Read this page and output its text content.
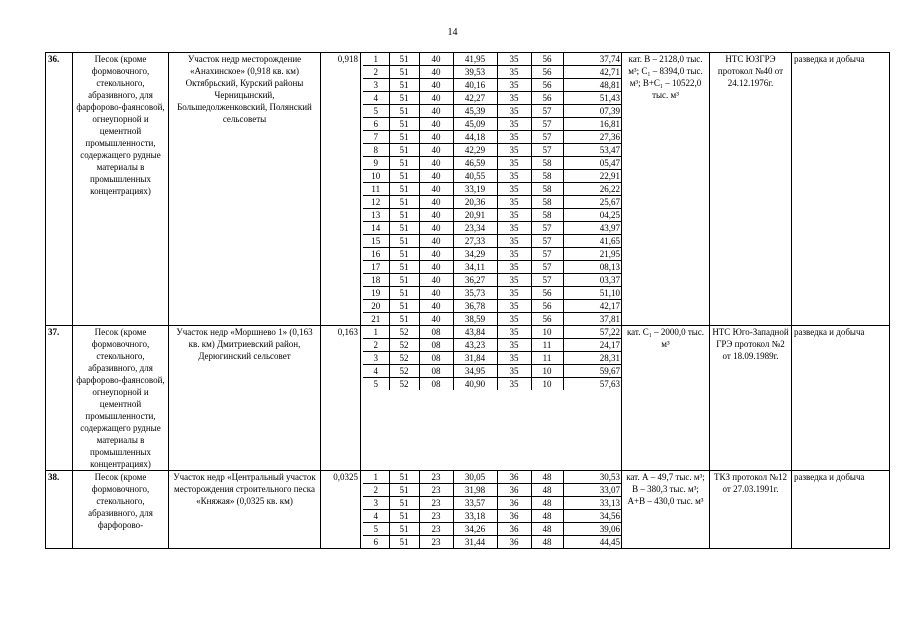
14
36.	Песок (кроме формовочного, стекольного, абразивного, для фарфорово-фаянсовой, огнеупорной и цементной промышленности, содержащего рудные материалы в промышленных концентрациях)	Участок недр месторождение «Анахинское» (0,918 кв. км) Октябрьский, Курский районы Черницынский, Большедолженковский, Полянский сельсоветы	0,918	1	51	40	41,95	35	56	37,74
2	51	40	39,53	35	56	42,71
3	51	40	40,16	35	56	48,81
4	51	40	42,27	35	56	51,43
5	51	40	45,39	35	57	07,39
6	51	40	45,09	35	57	16,81
7	51	40	44,18	35	57	27,36
8	51	40	42,29	35	57	53,47
9	51	40	46,59	35	58	05,47
10	51	40	40,55	35	58	22,91
11	51	40	33,19	35	58	26,22
12	51	40	20,36	35	58	25,67
13	51	40	20,91	35	58	04,25
14	51	40	23,34	35	57	43,97
15	51	40	27,33	35	57	41,65
16	51	40	34,29	35	57	21,95
17	51	40	34,11	35	57	08,13
18	51	40	36,27	35	57	03,37
19	51	40	35,73	35	56	51,10
20	51	40	36,78	35	56	42,17
21	51	40	38,59	35	56	37,81
	кат. В – 2128,0 тыс. м³; С₁ – 8394,0 тыс. м³; В+С₁ – 10522,0 тыс. м³	НТС ЮЗГРЭ протокол №40 от 24.12.1976г.	разведка и добыча
37.	Песок (кроме формовочного, стекольного, абразивного, для фарфорово-фаянсовой, огнеупорной и цементной промышленности, содержащего рудные материалы в промышленных концентрациях)	Участок недр «Моршнево 1» (0,163 кв. км) Дмитриевский район, Дерюгинский сельсовет	0,163	1	52	08	43,84	35	10	57,22
2	52	08	43,23	35	11	24,17
3	52	08	31,84	35	11	28,31
4	52	08	34,95	35	10	59,67
5	52	08	40,90	35	10	57,63
	кат. С₁ – 2000,0 тыс. м³	НТС Юго-Западной ГРЭ протокол №2 от 18.09.1989г.	разведка и добыча
38.	Песок (кроме формовочного, стекольного, абразивного, для фарфорово-	Участок недр «Центральный участок месторождения строительного песка «Княжая» (0,0325 кв. км)	0,0325	1	51	23	30,05	36	48	30,53
2	51	23	31,98	36	48	33,07
3	51	23	33,57	36	48	33,13
4	51	23	33,18	36	48	34,56
5	51	23	34,26	36	48	39,06
6	51	23	31,44	36	48	44,45
	кат. А – 49,7 тыс. м³; В – 380,3 тыс. м³; А+В – 430,0 тыс. м³	ТКЗ протокол №12 от 27.03.1991г.	разведка и добыча
